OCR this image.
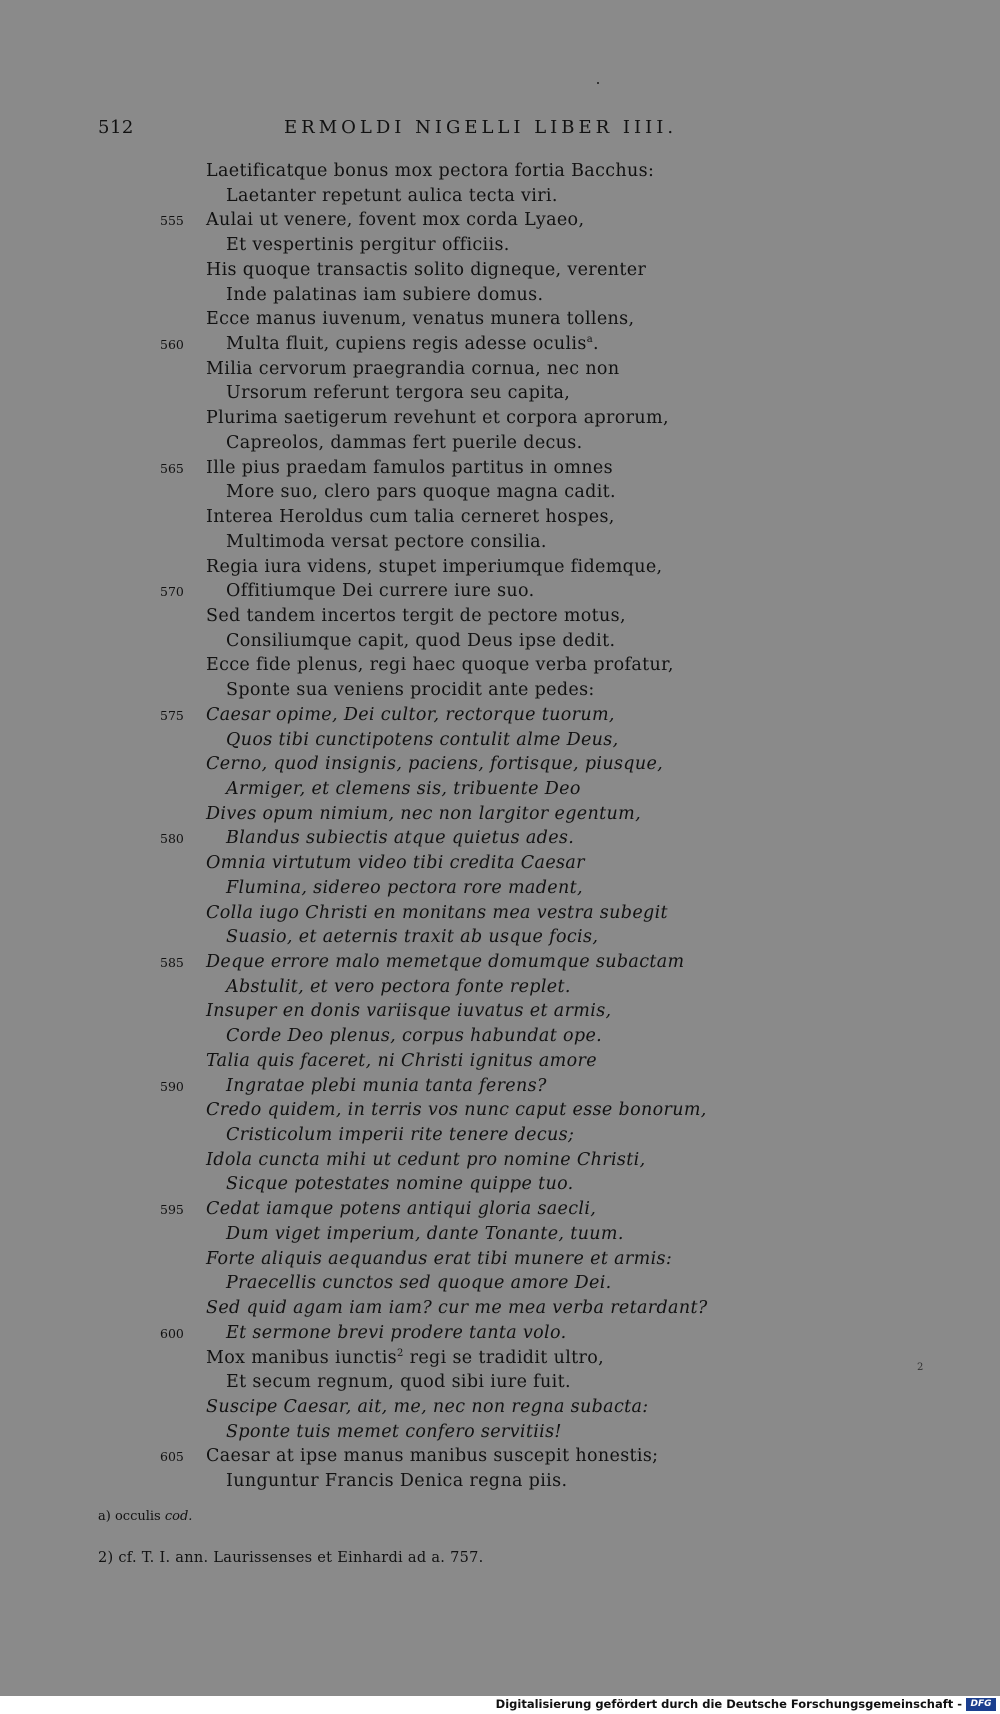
512	ERMOLDI NIGELLI LIBER IIII.
Laetificatque bonus mox pectora fortia Bacchus:
Laetanter repetunt aulica tecta viri.
555 Aulai ut venere, fovent mox corda Lyaeo,
Et vespertinis pergitur officiis.
His quoque transactis solito digneque, verenter
Inde palatinas iam subiere domus.
Ecce manus iuvenum, venatus munera tollens,
560 Multa fluit, cupiens regis adesse oculis$^a$.
Milia cervorum praegrandia cornua, nec non
Ursorum referunt tergora seu capita,
Plurima saetigerum revehunt et corpora aprorum,
Capreolos, dammas fert puerile decus.
565 Ille pius praedam famulos partitus in omnes
More suo, clero pars quoque magna cadit.
Interea Heroldus cum talia cerneret hospes,
Multimoda versat pectore consilia.
Regia iura videns, stupet imperiumque fidemque,
570 Offitiumque Dei currere iure suo.
Sed tandem incertos tergit de pectore motus,
Consiliumque capit, quod Deus ipse dedit.
Ecce fide plenus, regi haec quoque verba profatur,
Sponte sua veniens procidit ante pedes:
575 Caesar opime, Dei cultor, rectorque tuorum,
Quos tibi cunctipotens contulit alme Deus,
Cerno, quod insignis, paciens, fortisque, piusque,
Armiger, et clemens sis, tribuente Deo
Dives opum nimium, nec non largitor egentum,
580 Blandus subiectis atque quietus ades.
Omnia virtutum video tibi credita Caesar
Flumina, sidereo pectora rore madent,
Colla iugo Christi en monitans mea vestra subegit
Suasio, et aeternis traxit ab usque focis,
585 Deque errore malo memetque domumque subactam
Abstulit, et vero pectora fonte replet.
Insuper en donis variisque iuvatus et armis,
Corde Deo plenus, corpus habundat ope.
Talia quis faceret, ni Christi ignitus amore
590 Ingratae plebi munia tanta ferens?
Credo quidem, in terris vos nunc caput esse bonorum,
Cristicolum imperii rite tenere decus;
Idola cuncta mihi ut cedunt pro nomine Christi,
Sicque potestates nomine quippe tuo.
595 Cedat iamque potens antiqui gloria saecli,
Dum viget imperium, dante Tonante, tuum.
Forte aliquis aequandus erat tibi munere et armis:
Praecellis cunctos sed quoque amore Dei.
Sed quid agam iam iam? cur me mea verba retardant?
600 Et sermone brevi prodere tanta volo.
Mox manibus iunctis$^2$ regi se tradidit ultro,
Et secum regnum, quod sibi iure fuit.
Suscipe Caesar, ait, me, nec non regna subacta:
Sponte tuis memet confero servitiis!
605 Caesar at ipse manus manibus suscepit honestis;
Iunguntur Francis Denica regna piis.
2
a) occulis cod.
2) cf. T. I. ann. Laurissenses et Einhardi ad a. 757.
Digitalisierung gefördert durch die Deutsche Forschungsgemeinschaft - DFG
